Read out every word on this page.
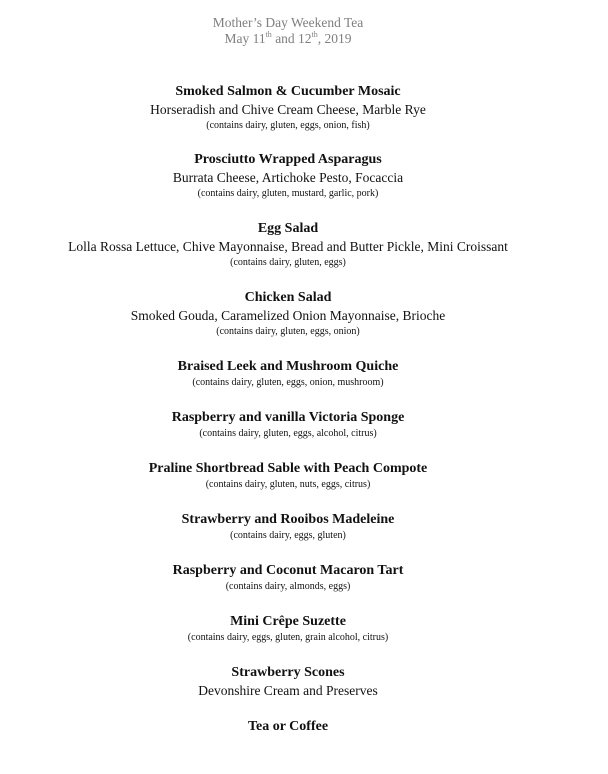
Mother’s Day Weekend Tea
May 11th and 12th, 2019
Smoked Salmon & Cucumber Mosaic
Horseradish and Chive Cream Cheese, Marble Rye
(contains dairy, gluten, eggs, onion, fish)
Prosciutto Wrapped Asparagus
Burrata Cheese, Artichoke Pesto, Focaccia
(contains dairy, gluten, mustard, garlic, pork)
Egg Salad
Lolla Rossa Lettuce, Chive Mayonnaise, Bread and Butter Pickle, Mini Croissant
(contains dairy, gluten, eggs)
Chicken Salad
Smoked Gouda, Caramelized Onion Mayonnaise, Brioche
(contains dairy, gluten, eggs, onion)
Braised Leek and Mushroom Quiche
(contains dairy, gluten, eggs, onion, mushroom)
Raspberry and vanilla Victoria Sponge
(contains dairy, gluten, eggs, alcohol, citrus)
Praline Shortbread Sable with Peach Compote
(contains dairy, gluten, nuts, eggs, citrus)
Strawberry and Rooibos Madeleine
(contains dairy, eggs, gluten)
Raspberry and Coconut Macaron Tart
(contains dairy, almonds, eggs)
Mini Crêpe Suzette
(contains dairy, eggs, gluten, grain alcohol, citrus)
Strawberry Scones
Devonshire Cream and Preserves
Tea or Coffee
